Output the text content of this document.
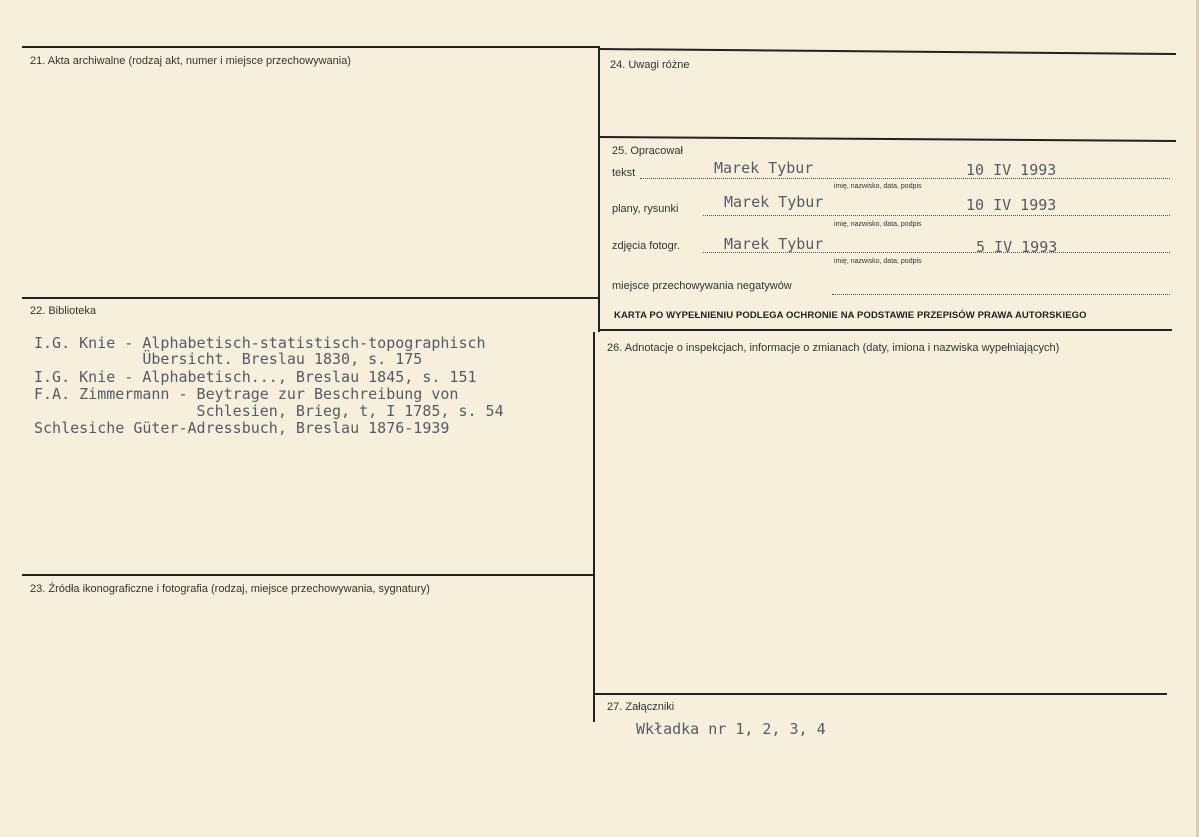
21. Akta archiwalne (rodzaj akt, numer i miejsce przechowywania)
22. Biblioteka
23. Źródła ikonograficzne i fotografia (rodzaj, miejsce przechowywania, sygnatury)
24. Uwagi różne
25. Opracował
26. Adnotacje o inspekcjach, informacje o zmianach (daty, imiona i nazwiska wypełniających)
27. Załączniki
tekst	Marek Tybur	10 IV 1993
imię, nazwisko, data, podpis
plany, rysunki	Marek Tybur	10 IV 1993
imię, nazwisko, data, podpis
zdjęcia fotogr.	Marek Tybur	5 IV 1993
imię, nazwisko, data, podpis
miejsce przechowywania negatywów
KARTA PO WYPEŁNIENIU PODLEGA OCHRONIE NA PODSTAWIE PRZEPISÓW PRAWA AUTORSKIEGO
I.G. Knie - Alphabetisch-statistisch-topographisch
Übersicht. Breslau 1830, s. 175
I.G. Knie - Alphabetisch..., Breslau 1845, s. 151
F.A. Zimmermann - Beytrage zur Beschreibung von
Schlesien, Brieg, t, I 1785, s. 54
Schlesiche Güter-Adressbuch, Breslau 1876-1939
Wkładka nr 1, 2, 3, 4
